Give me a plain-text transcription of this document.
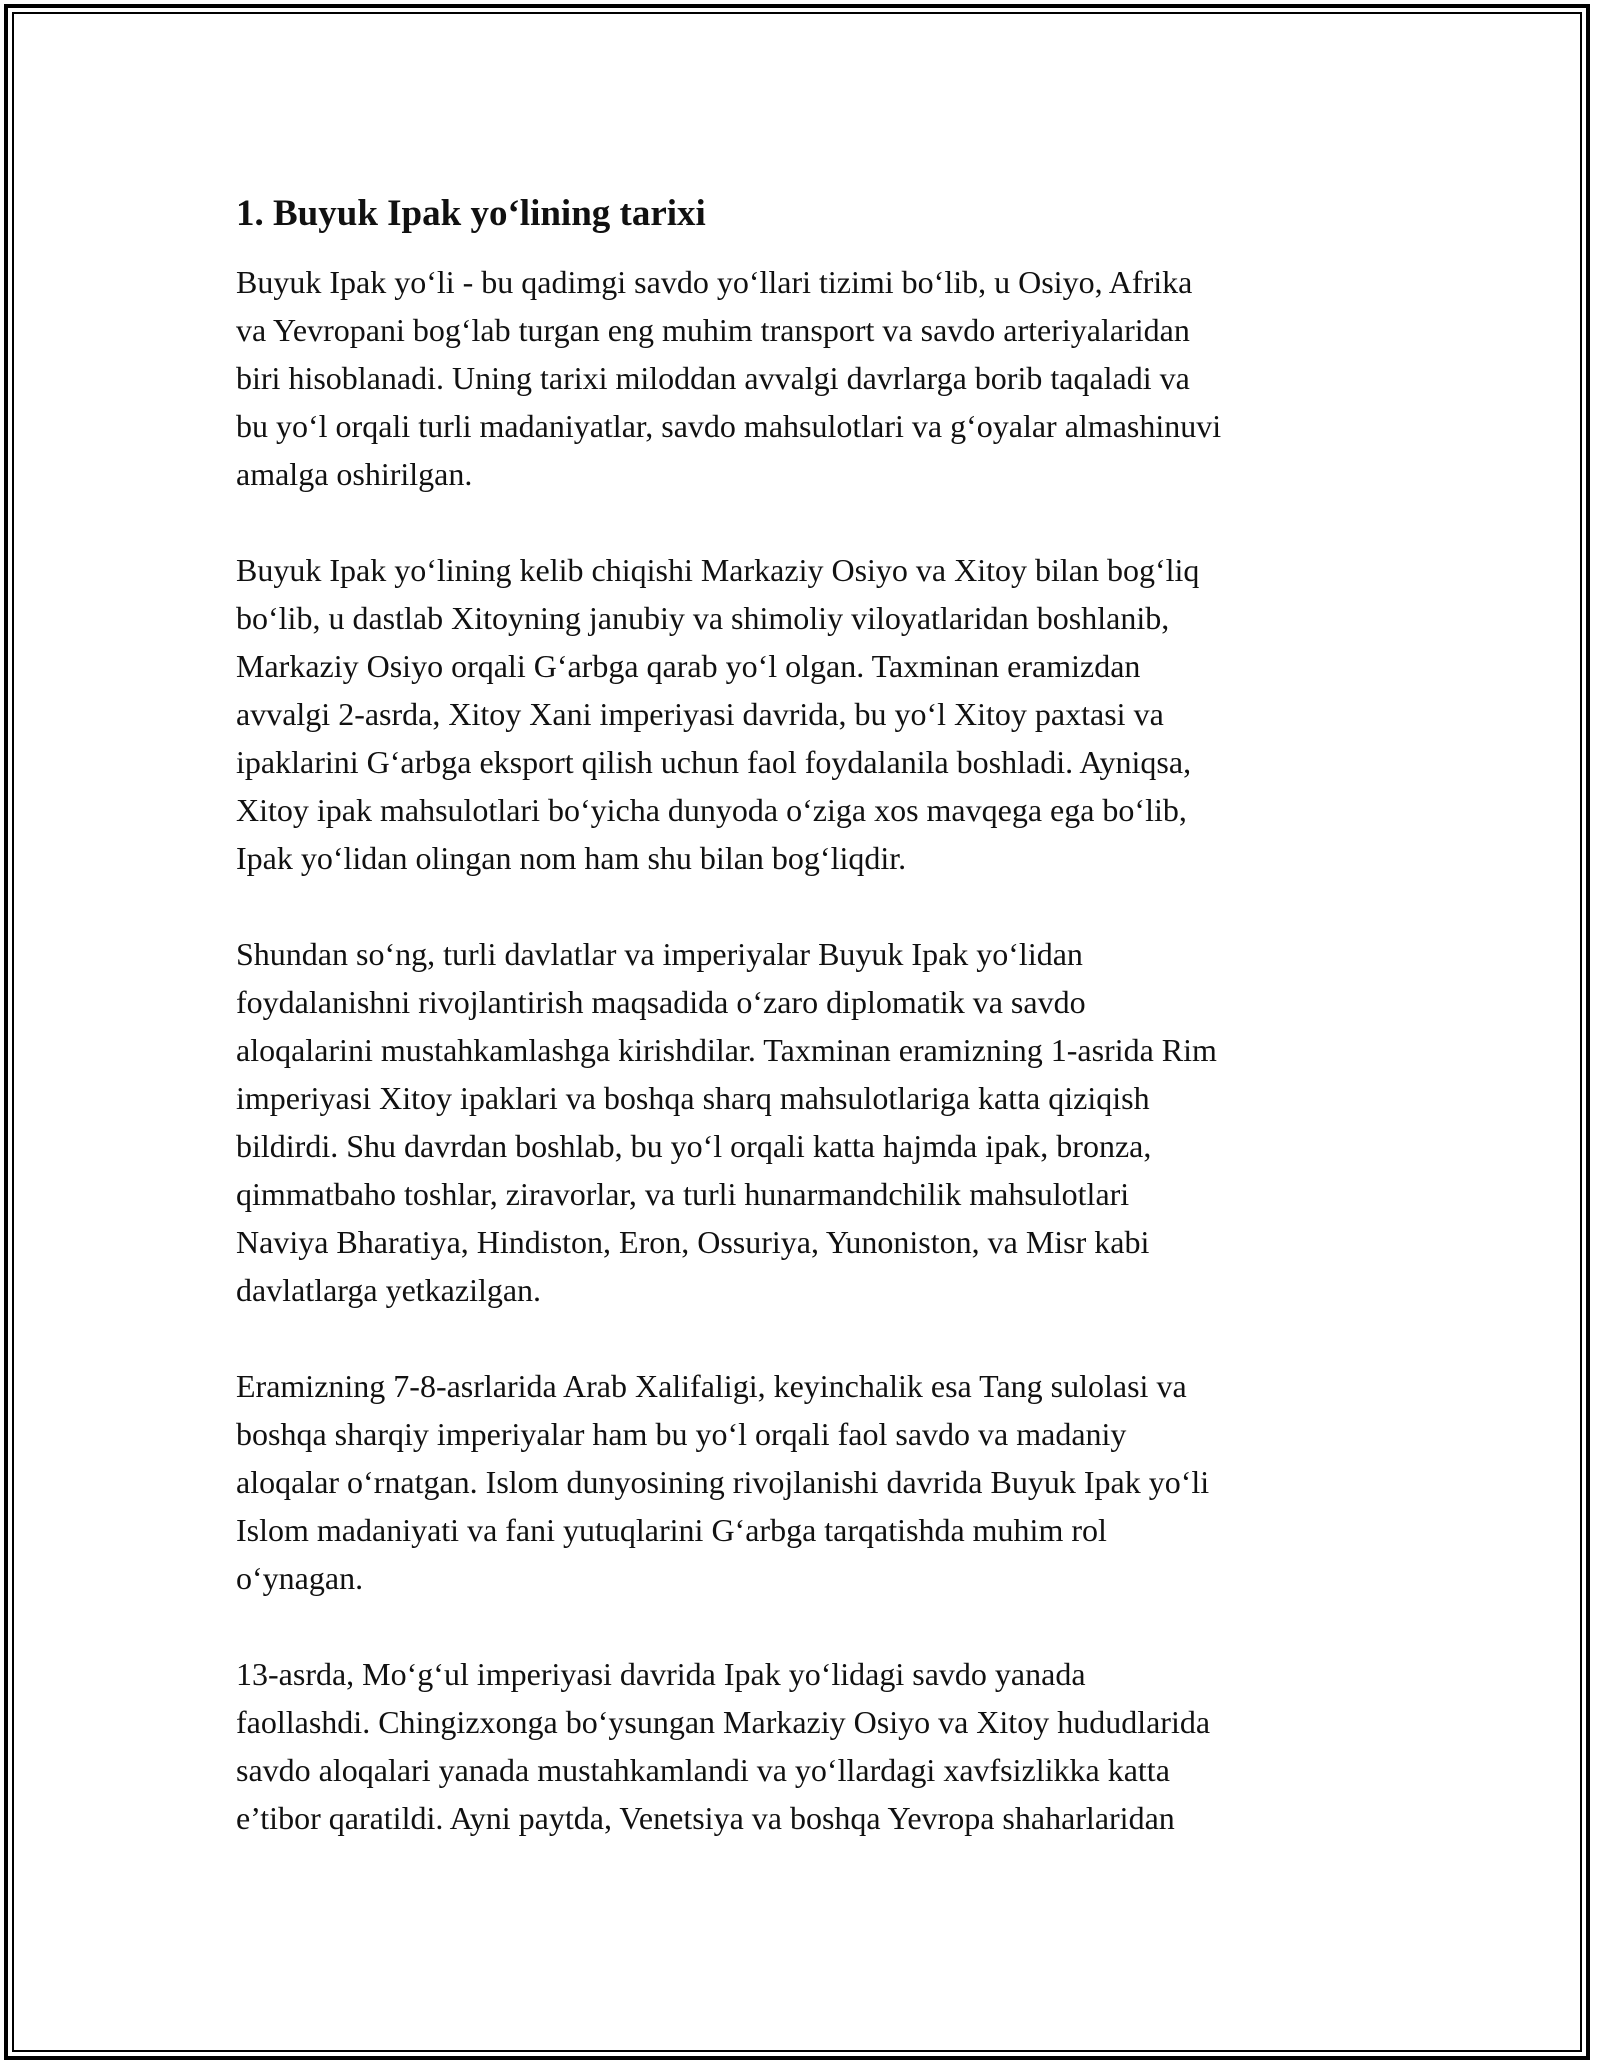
1. Buyuk Ipak yo‘lining tarixi

Buyuk Ipak yo‘li - bu qadimgi savdo yo‘llari tizimi bo‘lib, u Osiyo, Afrika
va Yevropani bog‘lab turgan eng muhim transport va savdo arteriyalaridan
biri hisoblanadi. Uning tarixi miloddan avvalgi davrlarga borib taqaladi va
bu yo‘l orqali turli madaniyatlar, savdo mahsulotlari va g‘oyalar almashinuvi
amalga oshirilgan.

Buyuk Ipak yo‘lining kelib chiqishi Markaziy Osiyo va Xitoy bilan bog‘liq
bo‘lib, u dastlab Xitoyning janubiy va shimoliy viloyatlaridan boshlanib,
Markaziy Osiyo orqali G‘arbga qarab yo‘l olgan. Taxminan eramizdan
avvalgi 2-asrda, Xitoy Xani imperiyasi davrida, bu yo‘l Xitoy paxtasi va
ipaklarini G‘arbga eksport qilish uchun faol foydalanila boshladi. Ayniqsa,
Xitoy ipak mahsulotlari bo‘yicha dunyoda o‘ziga xos mavqega ega bo‘lib,
Ipak yo‘lidan olingan nom ham shu bilan bog‘liqdir.

Shundan so‘ng, turli davlatlar va imperiyalar Buyuk Ipak yo‘lidan
foydalanishni rivojlantirish maqsadida o‘zaro diplomatik va savdo
aloqalarini mustahkamlashga kirishdilar. Taxminan eramizning 1-asrida Rim
imperiyasi Xitoy ipaklari va boshqa sharq mahsulotlariga katta qiziqish
bildirdi. Shu davrdan boshlab, bu yo‘l orqali katta hajmda ipak, bronza,
qimmatbaho toshlar, ziravorlar, va turli hunarmandchilik mahsulotlari
Naviya Bharatiya, Hindiston, Eron, Ossuriya, Yunoniston, va Misr kabi
davlatlarga yetkazilgan.

Eramizning 7-8-asrlarida Arab Xalifaligi, keyinchalik esa Tang sulolasi va
boshqa sharqiy imperiyalar ham bu yo‘l orqali faol savdo va madaniy
aloqalar o‘rnatgan. Islom dunyosining rivojlanishi davrida Buyuk Ipak yo‘li
Islom madaniyati va fani yutuqlarini G‘arbga tarqatishda muhim rol
o‘ynagan.

13-asrda, Mo‘g‘ul imperiyasi davrida Ipak yo‘lidagi savdo yanada
faollashdi. Chingizxonga bo‘ysungan Markaziy Osiyo va Xitoy hududlarida
savdo aloqalari yanada mustahkamlandi va yo‘llardagi xavfsizlikka katta
e’tibor qaratildi. Ayni paytda, Venetsiya va boshqa Yevropa shaharlaridan
